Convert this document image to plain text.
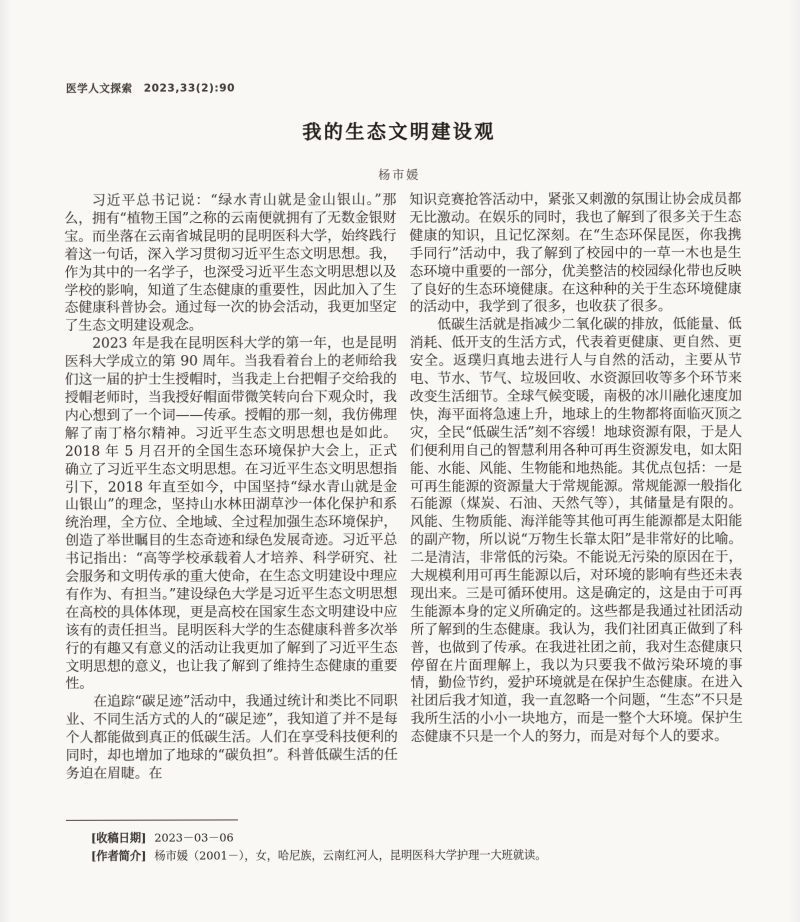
医学人文探索　2023,33(2):90
我的生态文明建设观
杨市媛

习近平总书记说：“绿水青山就是金山银山。”那么，拥有“植物王国”之称的云南便就拥有了无数金银财宝。而坐落在云南省城昆明的昆明医科大学，始终践行着这一句话，深入学习贯彻习近平生态文明思想。我，作为其中的一名学子，也深受习近平生态文明思想以及学校的影响，知道了生态健康的重要性，因此加入了生态健康科普协会。通过每一次的协会活动，我更加坚定了生态文明建设观念。

2023 年是我在昆明医科大学的第一年，也是昆明医科大学成立的第 90 周年。当我看着台上的老师给我们这一届的护士生授帽时，当我走上台把帽子交给我的授帽老师时，当我授好帽面带微笑转向台下观众时，我内心想到了一个词——传承。授帽的那一刻，我仿佛理解了南丁格尔精神。习近平生态文明思想也是如此。2018 年 5 月召开的全国生态环境保护大会上，正式确立了习近平生态文明思想。在习近平生态文明思想指引下，2018 年直至如今，中国坚持“绿水青山就是金山银山”的理念，坚持山水林田湖草沙一体化保护和系统治理，全方位、全地域、全过程加强生态环境保护，创造了举世瞩目的生态奇迹和绿色发展奇迹。习近平总书记指出：“高等学校承载着人才培养、科学研究、社会服务和文明传承的重大使命，在生态文明建设中理应有作为、有担当。”建设绿色大学是习近平生态文明思想在高校的具体体现，更是高校在国家生态文明建设中应该有的责任担当。昆明医科大学的生态健康科普多次举行的有趣又有意义的活动让我更加了解到了习近平生态文明思想的意义，也让我了解到了维持生态健康的重要性。

在追踪“碳足迹”活动中，我通过统计和类比不同职业、不同生活方式的人的“碳足迹”，我知道了并不是每个人都能做到真正的低碳生活。人们在享受科技便利的同时，却也增加了地球的“碳负担”。科普低碳生活的任务迫在眉睫。在

知识竞赛抢答活动中，紧张又刺激的氛围让协会成员都无比激动。在娱乐的同时，我也了解到了很多关于生态健康的知识，且记忆深刻。在“生态环保昆医，你我携手同行”活动中，我了解到了校园中的一草一木也是生态环境中重要的一部分，优美整洁的校园绿化带也反映了良好的生态环境健康。在这种种的关于生态环境健康的活动中，我学到了很多，也收获了很多。

低碳生活就是指减少二氧化碳的排放，低能量、低消耗、低开支的生活方式，代表着更健康、更自然、更安全。返璞归真地去进行人与自然的活动，主要从节电、节水、节气、垃圾回收、水资源回收等多个环节来改变生活细节。全球气候变暖，南极的冰川融化速度加快，海平面将急速上升，地球上的生物都将面临灭顶之灾，全民“低碳生活”刻不容缓！地球资源有限，于是人们便利用自己的智慧利用各种可再生资源发电，如太阳能、水能、风能、生物能和地热能。其优点包括：一是可再生能源的资源量大于常规能源。常规能源一般指化石能源（煤炭、石油、天然气等），其储量是有限的。风能、生物质能、海洋能等其他可再生能源都是太阳能的副产物，所以说“万物生长靠太阳”是非常好的比喻。二是清洁，非常低的污染。不能说无污染的原因在于，大规模利用可再生能源以后，对环境的影响有些还未表现出来。三是可循环使用。这是确定的，这是由于可再生能源本身的定义所确定的。这些都是我通过社团活动所了解到的生态健康。我认为，我们社团真正做到了科普，也做到了传承。在我进社团之前，我对生态健康只停留在片面理解上，我以为只要我不做污染环境的事情，勤俭节约，爱护环境就是在保护生态健康。在进入社团后我才知道，我一直忽略一个问题，“生态”不只是我所生活的小小一块地方，而是一整个大环境。保护生态健康不只是一个人的努力，而是对每个人的要求。

[收稿日期] 2023－03－06
[作者简介] 杨市媛（2001－），女，哈尼族，云南红河人，昆明医科大学护理一大班就读。
